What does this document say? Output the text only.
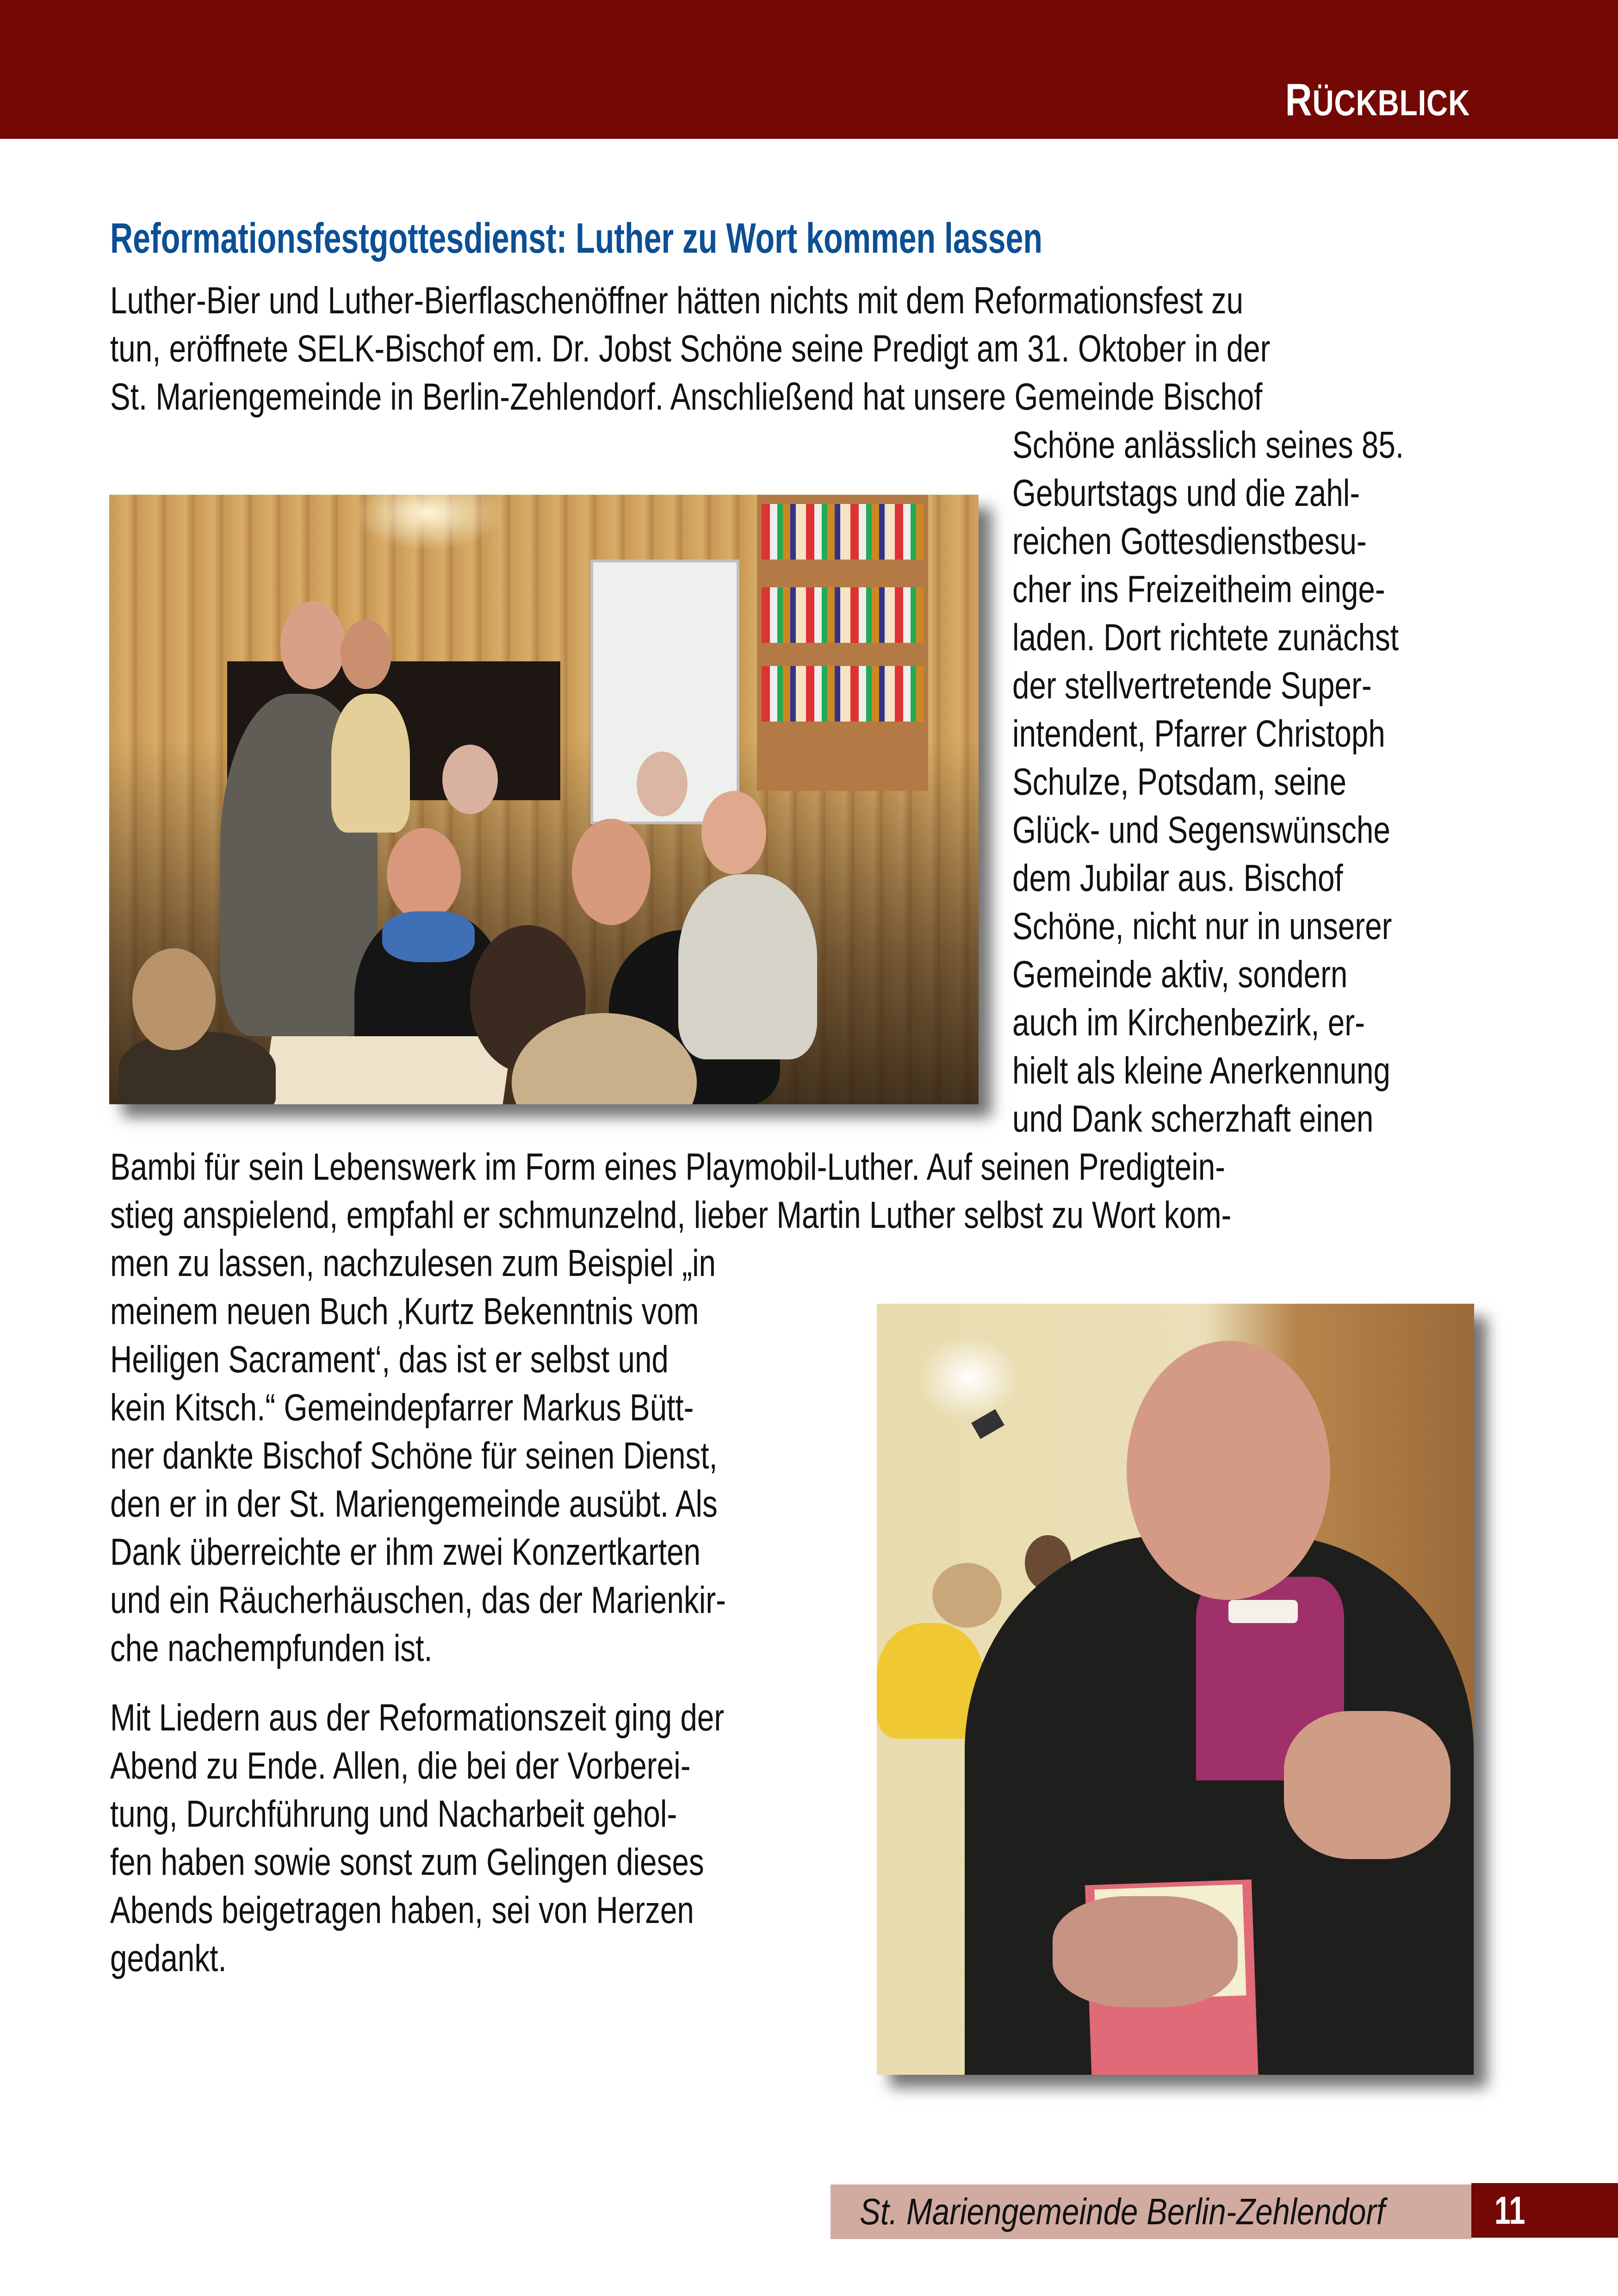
RÜCKBLICK
Reformationsfestgottesdienst: Luther zu Wort kommen lassen
Luther-Bier und Luther-Bierflaschenöffner hätten nichts mit dem Reformationsfest zu
tun, eröffnete SELK-Bischof em. Dr. Jobst Schöne seine Predigt am 31. Oktober in der
St. Mariengemeinde in Berlin-Zehlendorf. Anschließend hat unsere Gemeinde Bischof
Schöne anlässlich seines 85.
Geburtstags und die zahl-
reichen Gottesdienstbesu-
cher ins Freizeitheim einge-
laden. Dort richtete zunächst
der stellvertretende Super-
intendent, Pfarrer Christoph
Schulze, Potsdam, seine
Glück- und Segenswünsche
dem Jubilar aus. Bischof
Schöne, nicht nur in unserer
Gemeinde aktiv, sondern
auch im Kirchenbezirk, er-
hielt als kleine Anerkennung
und Dank scherzhaft einen
Bambi für sein Lebenswerk im Form eines Playmobil-Luther. Auf seinen Predigtein-
stieg anspielend, empfahl er schmunzelnd, lieber Martin Luther selbst zu Wort kom-
men zu lassen, nachzulesen zum Beispiel „in
meinem neuen Buch ‚Kurtz Bekenntnis vom
Heiligen Sacrament‘, das ist er selbst und
kein Kitsch.“ Gemeindepfarrer Markus Bütt-
ner dankte Bischof Schöne für seinen Dienst,
den er in der St. Mariengemeinde ausübt. Als
Dank überreichte er ihm zwei Konzertkarten
und ein Räucherhäuschen, das der Marienkir-
che nachempfunden ist.
Mit Liedern aus der Reformationszeit ging der
Abend zu Ende. Allen, die bei der Vorberei-
tung, Durchführung und Nacharbeit gehol-
fen haben sowie sonst zum Gelingen dieses
Abends beigetragen haben, sei von Herzen
gedankt.
St. Mariengemeinde Berlin-Zehlendorf	11
